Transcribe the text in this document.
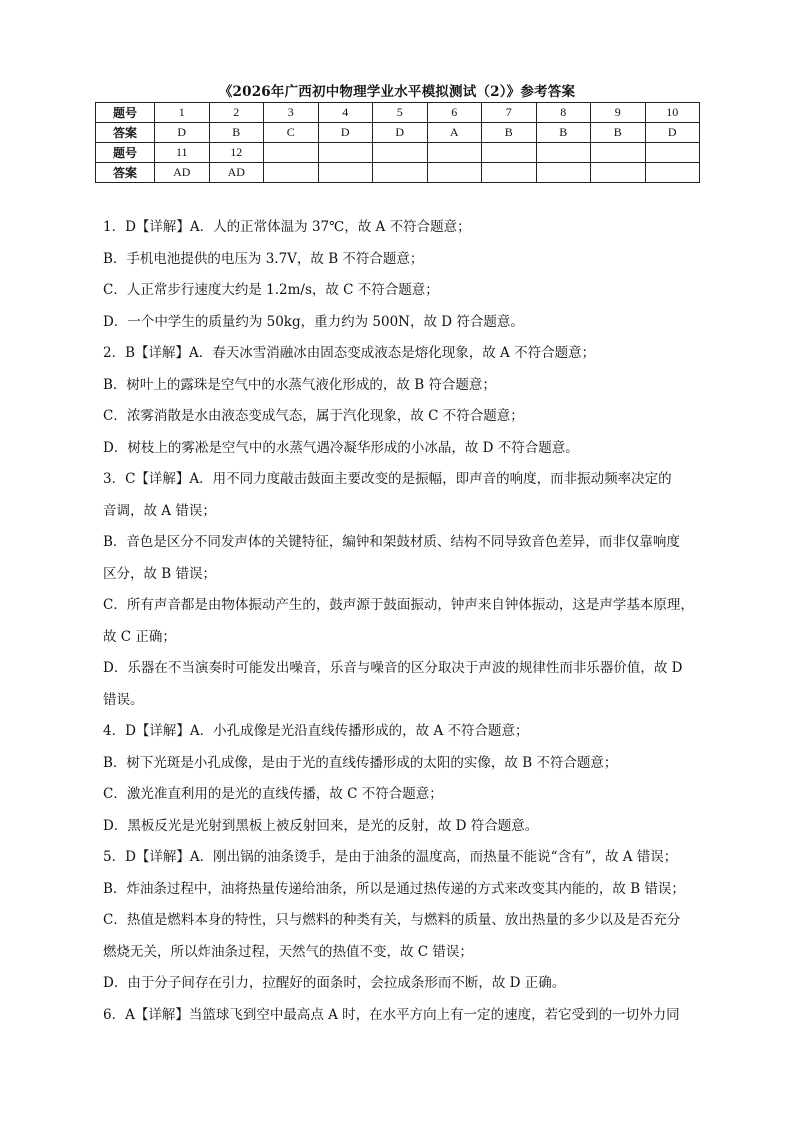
《2026年广西初中物理学业水平模拟测试（2）》参考答案
题号	1	2	3	4	5	6	7	8	9	10
答案	D	B	C	D	D	A	B	B	B	D
题号	11	12								
答案	AD	AD								

1．D【详解】A．人的正常体温为 37℃，故 A 不符合题意；

B．手机电池提供的电压为 3.7V，故 B 不符合题意；

C．人正常步行速度大约是 1.2m/s，故 C 不符合题意；

D．一个中学生的质量约为 50kg，重力约为 500N，故 D 符合题意。

2．B【详解】A．春天冰雪消融冰由固态变成液态是熔化现象，故 A 不符合题意；

B．树叶上的露珠是空气中的水蒸气液化形成的，故 B 符合题意；

C．浓雾消散是水由液态变成气态，属于汽化现象，故 C 不符合题意；

D．树枝上的雾凇是空气中的水蒸气遇冷凝华形成的小冰晶，故 D 不符合题意。

3．C【详解】A．用不同力度敲击鼓面主要改变的是振幅，即声音的响度，而非振动频率决定的

音调，故 A 错误；

B．音色是区分不同发声体的关键特征，编钟和架鼓材质、结构不同导致音色差异，而非仅靠响度

区分，故 B 错误；

C．所有声音都是由物体振动产生的，鼓声源于鼓面振动，钟声来自钟体振动，这是声学基本原理，

故 C 正确；

D．乐器在不当演奏时可能发出噪音，乐音与噪音的区分取决于声波的规律性而非乐器价值，故 D

错误。

4．D【详解】A．小孔成像是光沿直线传播形成的，故 A 不符合题意；

B．树下光斑是小孔成像，是由于光的直线传播形成的太阳的实像，故 B 不符合题意；

C．激光准直利用的是光的直线传播，故 C 不符合题意；

D．黑板反光是光射到黑板上被反射回来，是光的反射，故 D 符合题意。

5．D【详解】A．刚出锅的油条烫手，是由于油条的温度高，而热量不能说“含有”，故 A 错误；

B．炸油条过程中，油将热量传递给油条，所以是通过热传递的方式来改变其内能的，故 B 错误；

C．热值是燃料本身的特性，只与燃料的种类有关，与燃料的质量、放出热量的多少以及是否充分

燃烧无关，所以炸油条过程，天然气的热值不变，故 C 错误；

D．由于分子间存在引力，拉醒好的面条时，会拉成条形而不断，故 D 正确。

6．A【详解】当篮球飞到空中最高点 A 时，在水平方向上有一定的速度，若它受到的一切外力同
